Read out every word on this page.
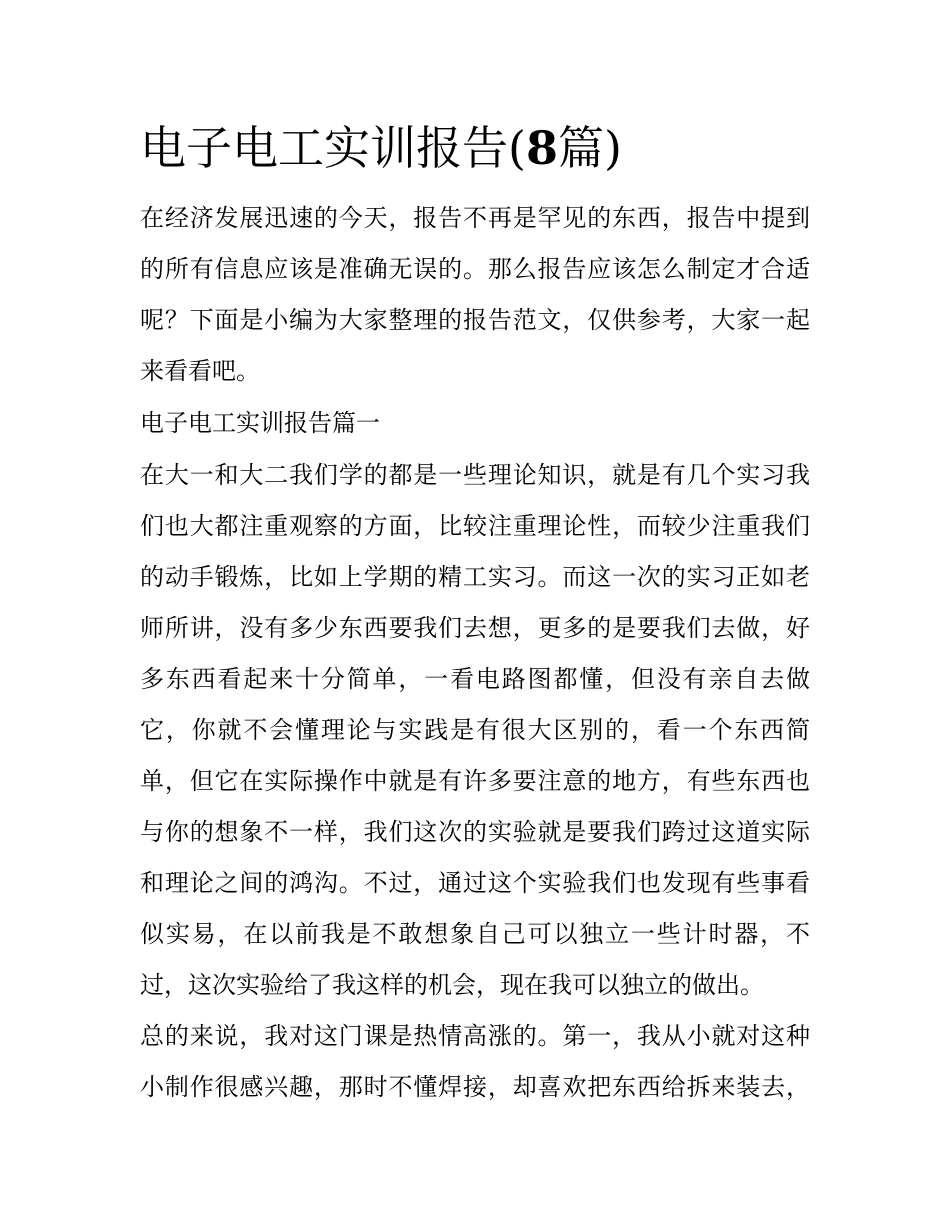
电子电工实训报告(8篇)

在经济发展迅速的今天，报告不再是罕见的东西，报告中提到

的所有信息应该是准确无误的。那么报告应该怎么制定才合适

呢？下面是小编为大家整理的报告范文，仅供参考，大家一起

来看看吧。

电子电工实训报告篇一

在大一和大二我们学的都是一些理论知识，就是有几个实习我

们也大都注重观察的方面，比较注重理论性，而较少注重我们

的动手锻炼，比如上学期的精工实习。而这一次的实习正如老

师所讲，没有多少东西要我们去想，更多的是要我们去做，好

多东西看起来十分简单，一看电路图都懂，但没有亲自去做

它，你就不会懂理论与实践是有很大区别的，看一个东西简

单，但它在实际操作中就是有许多要注意的地方，有些东西也

与你的想象不一样，我们这次的实验就是要我们跨过这道实际

和理论之间的鸿沟。不过，通过这个实验我们也发现有些事看

似实易，在以前我是不敢想象自己可以独立一些计时器，不

过，这次实验给了我这样的机会，现在我可以独立的做出。

总的来说，我对这门课是热情高涨的。第一，我从小就对这种

小制作很感兴趣，那时不懂焊接，却喜欢把东西给拆来装去，
